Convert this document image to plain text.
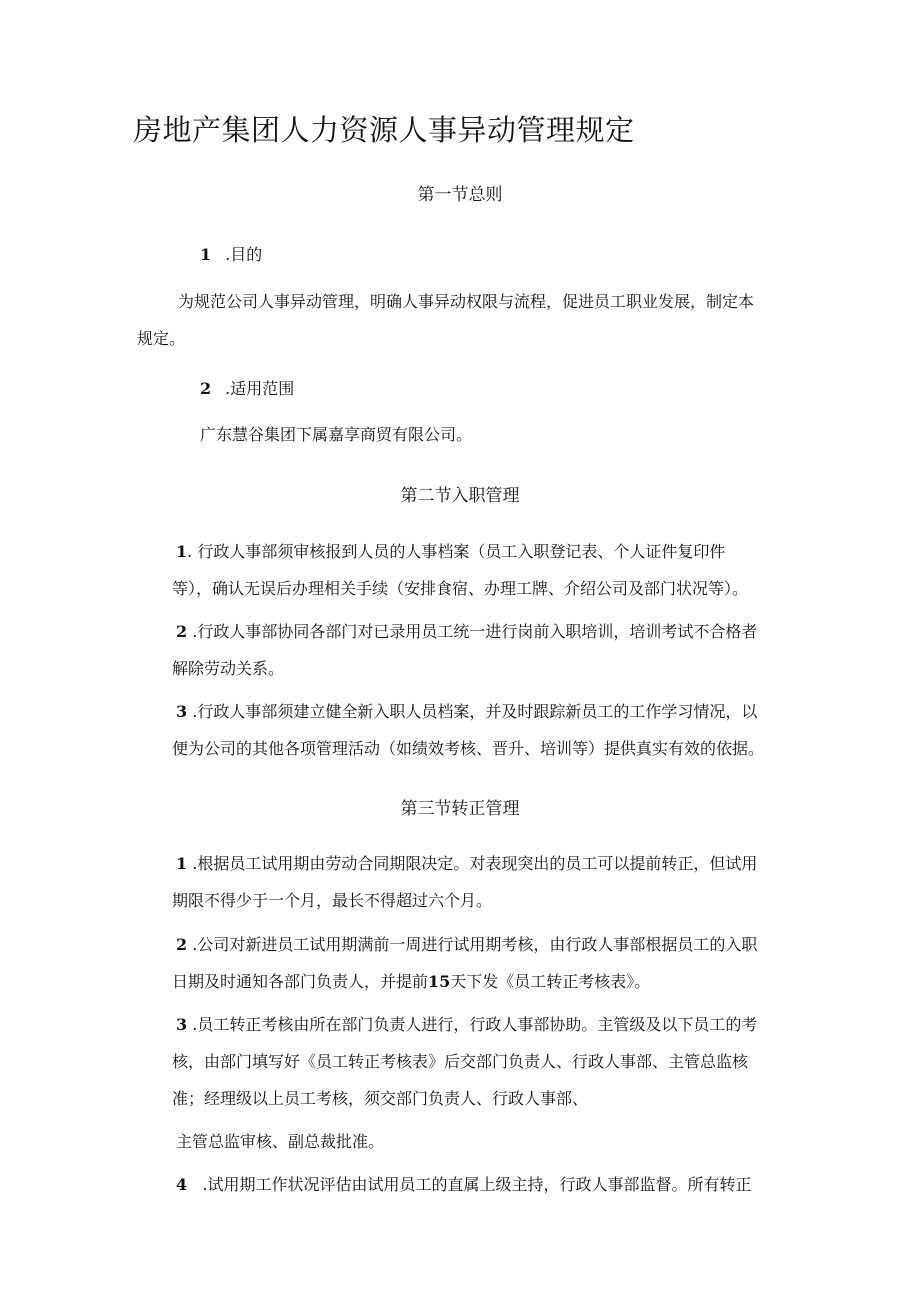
房地产集团人力资源人事异动管理规定
第一节总则
1 .目的
为规范公司人事异动管理，明确人事异动权限与流程，促进员工职业发展，制定本
规定。
2 .适用范围
广东慧谷集团下属嘉享商贸有限公司。
第二节入职管理
1. 行政人事部须审核报到人员的人事档案（员工入职登记表、个人证件复印件
等），确认无误后办理相关手续（安排食宿、办理工牌、介绍公司及部门状况等）。
2 .行政人事部协同各部门对已录用员工统一进行岗前入职培训，培训考试不合格者
解除劳动关系。
3 .行政人事部须建立健全新入职人员档案，并及时跟踪新员工的工作学习情况，以
便为公司的其他各项管理活动（如绩效考核、晋升、培训等）提供真实有效的依据。
第三节转正管理
1 .根据员工试用期由劳动合同期限决定。对表现突出的员工可以提前转正，但试用
期限不得少于一个月，最长不得超过六个月。
2 .公司对新进员工试用期满前一周进行试用期考核，由行政人事部根据员工的入职
日期及时通知各部门负责人，并提前15天下发《员工转正考核表》。
3 .员工转正考核由所在部门负责人进行，行政人事部协助。主管级及以下员工的考
核，由部门填写好《员工转正考核表》后交部门负责人、行政人事部、主管总监核
准；经理级以上员工考核，须交部门负责人、行政人事部、
主管总监审核、副总裁批准。
4 .试用期工作状况评估由试用员工的直属上级主持，行政人事部监督。所有转正
